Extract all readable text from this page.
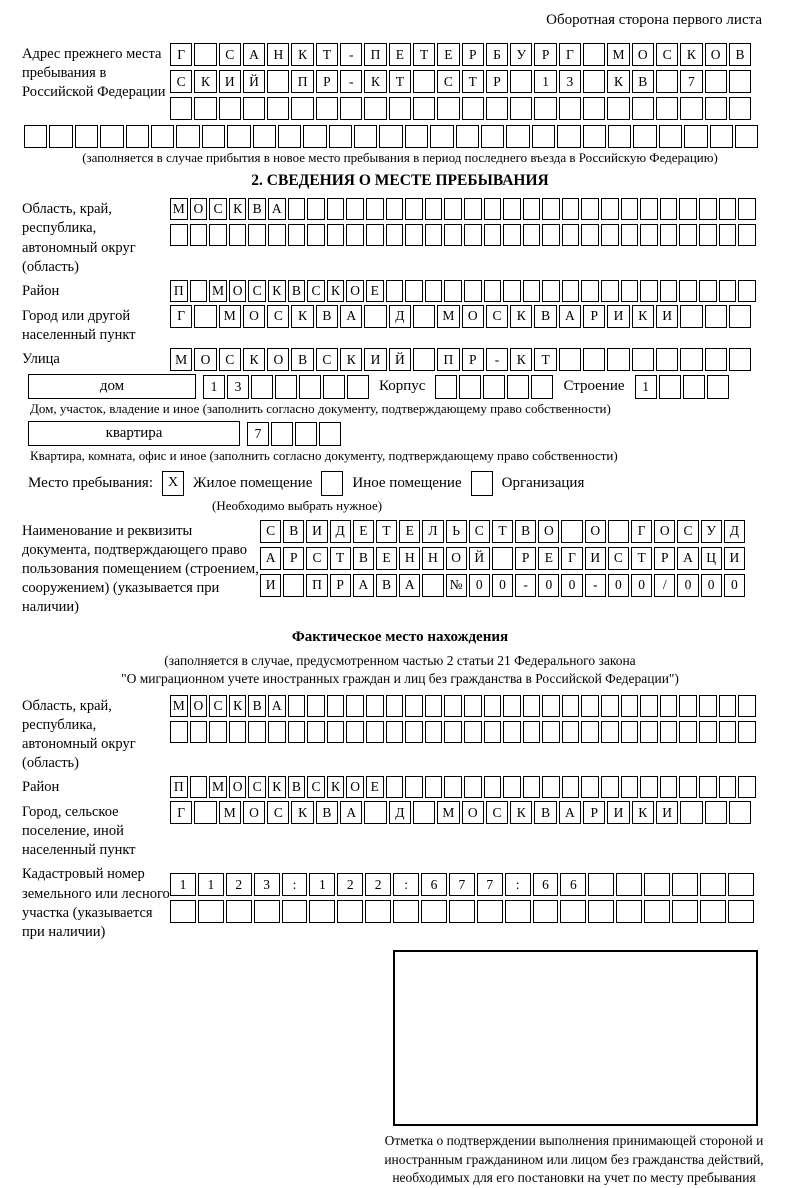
Оборотная сторона первого листа
Адрес прежнего места пребывания в Российской Федерации
Г	С	А	Н	К	Т	-	П	Е	Т	Е	Р	Б	У	Р	Г	М О	С	К	О	В
С	К	И	Й	П	Р	-	К	Т	С	Т	Р	1	3	К	В	7
(заполняется в случае прибытия в новое место пребывания в период последнего въезда в Российскую Федерацию)
2. СВЕДЕНИЯ О МЕСТЕ ПРЕБЫВАНИЯ
Область, край, республика, автономный округ (область)
М О С К В А
Район	П М О С К В С К О Е
Город или другой населенный пункт
Г	М О	С	К	В	А	Д	М О	С	К	В	А	Р	И	К	И
Улица	М О	С	К	О	В	С	К	И	Й	П	Р	-	К	Т
дом	1	3	Корпус	Строение	1
Дом, участок, владение и иное (заполнить согласно документу, подтверждающему право собственности)
квартира	7
Квартира, комната, офис и иное (заполнить согласно документу, подтверждающему право собственности)
Место пребывания:	X Жилое помещение	Иное помещение	Организация
(Необходимо выбрать нужное)
Наименование и реквизиты документа, подтверждающего право пользования помещением (строением, сооружением) (указывается при наличии)
С	В	И	Д	Е	Т	Е	Л	Ь	С	Т	В	О	О	Г	О	С	У	Д
А	Р	С	Т	В	Е	Н Н О Й	Р	Е	Г	И	С	Т	Р	А Ц И
И	П	Р	А	В	А	№ 0	0	-	0	0	-	0	0	/	0	0	0
Фактическое место нахождения
(заполняется в случае, предусмотренном частью 2 статьи 21 Федерального закона
"О миграционном учете иностранных граждан и лиц без гражданства в Российской Федерации")
Область, край, республика, автономный округ (область)
М О С К В А
Район	П М О С К В С К О Е
Город, сельское поселение, иной населенный пункт
Г	М О	С	К	В	А	Д	М О	С	К	В	А	Р	И	К	И
Кадастровый номер земельного или лесного участка (указывается при наличии)
1	1	2	3	:	1	2	2	:	6	7	7	:	6	6
Отметка о подтверждении выполнения принимающей стороной и иностранным гражданином или лицом без гражданства действий, необходимых для его постановки на учет по месту пребывания
